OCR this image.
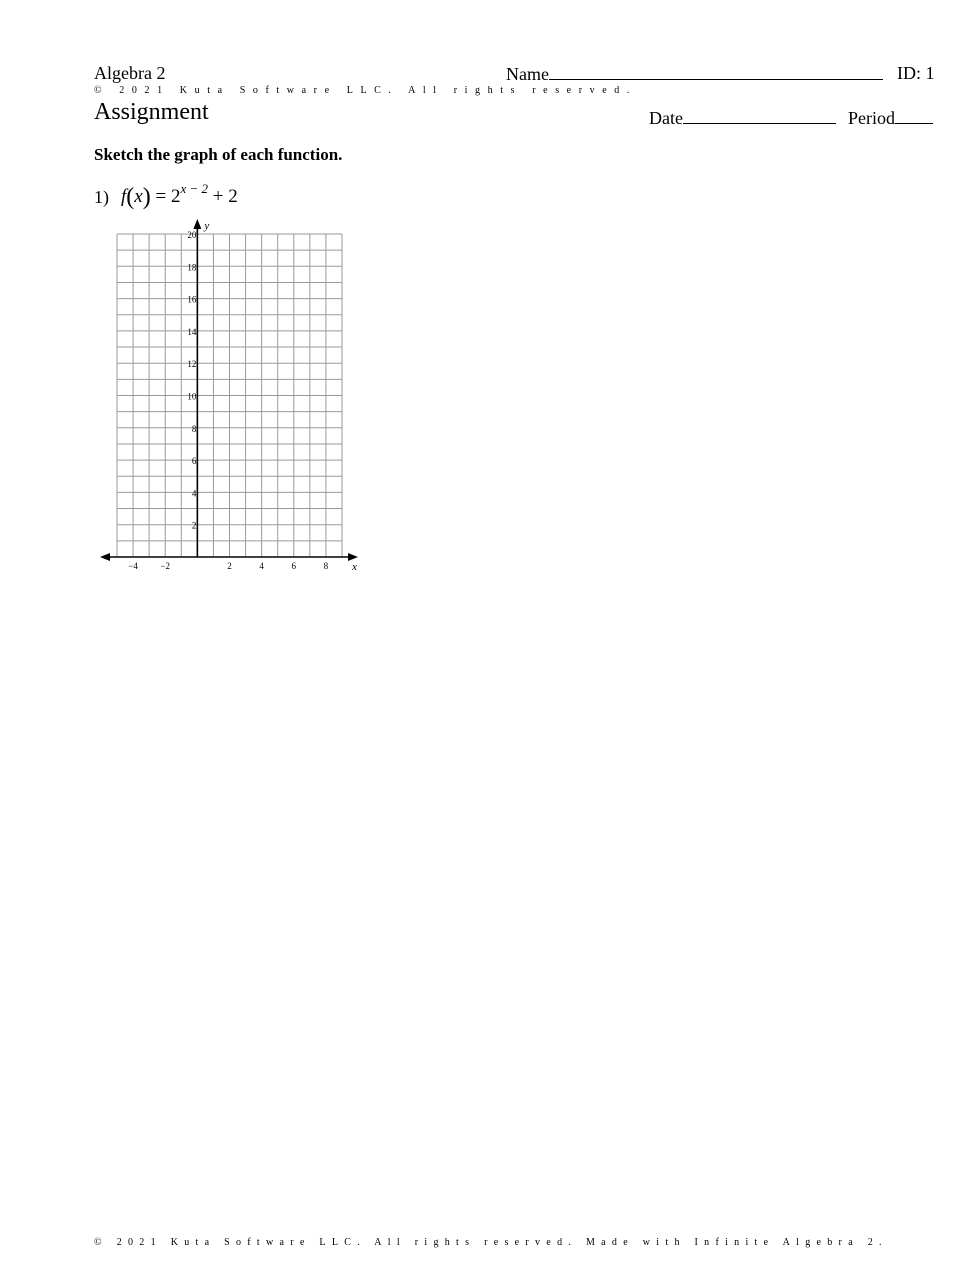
Algebra 2	Name	ID: 1
© 2021 Kuta Software LLC. All rights reserved.
Assignment	Date	Period
Sketch the graph of each function.
1) $f(x) = 2^{x - 2} + 2$
x
y
−4	−2	2	4	6	8
20
18
16
14
12
10
8
6
4
2
© 2021 Kuta Software LLC. All rights reserved. Made with Infinite Algebra 2.
